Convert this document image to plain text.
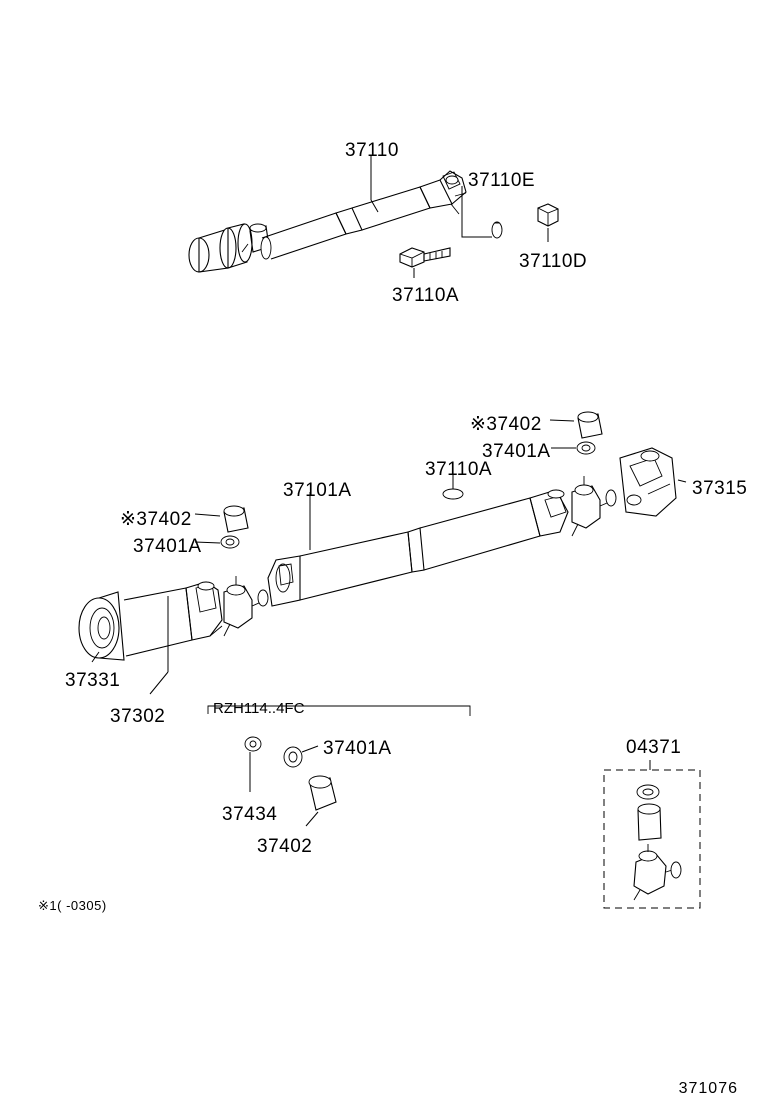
37110
37110E
37110D
37110A
※37402
37401A
37110A
37315
37101A
※37402
37401A
37331
37302
37401A
37434
37402
04371
RZH114..4FC
※1( -0305)
371076
